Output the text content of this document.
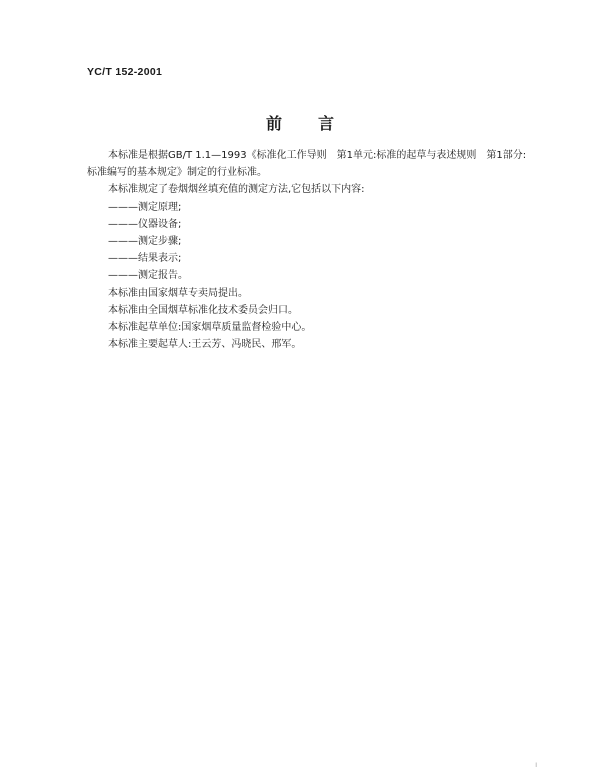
YC/T 152-2001
前言

本标准是根据GB/T 1.1—1993《标准化工作导则　第1单元:标准的起草与表述规则　第1部分:

标准编写的基本规定》制定的行业标准。

本标准规定了卷烟烟丝填充值的测定方法,它包括以下内容:

———测定原理;

———仪器设备;

———测定步骤;

———结果表示;

———测定报告。

本标准由国家烟草专卖局提出。

本标准由全国烟草标准化技术委员会归口。

本标准起草单位:国家烟草质量监督检验中心。

本标准主要起草人:王云芳、冯晓民、邢军。

I
